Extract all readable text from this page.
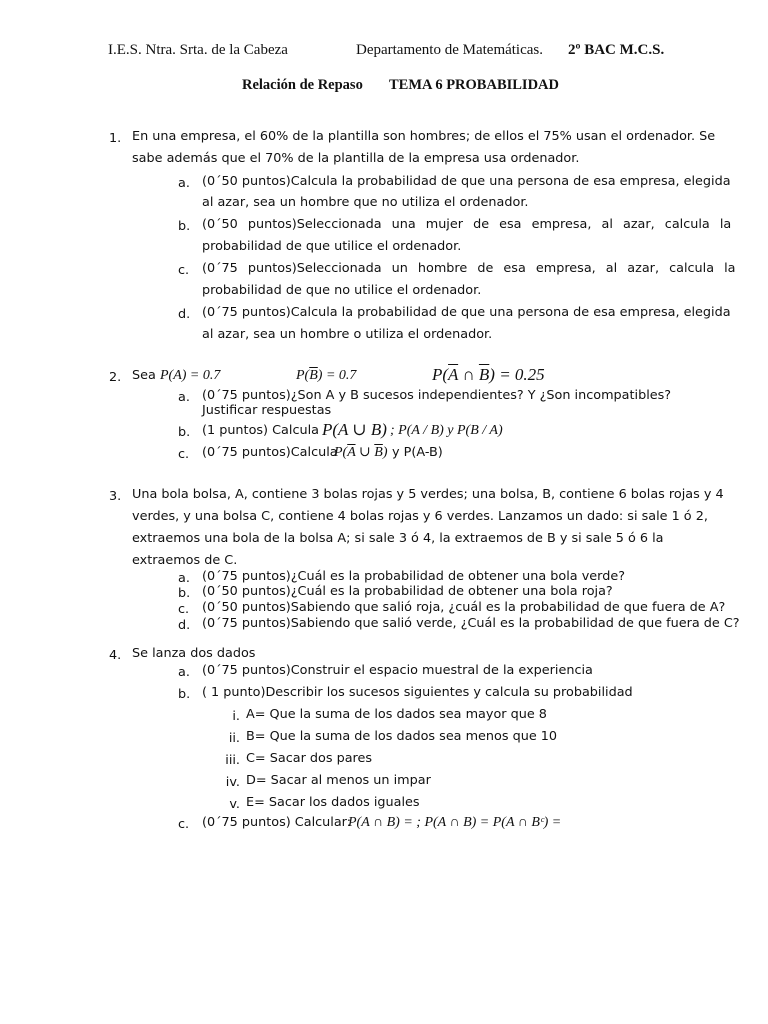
I.E.S. Ntra. Srta. de la Cabeza	Departamento de Matemáticas. 2º BAC M.C.S.
Relación de Repaso TEMA 6 PROBABILIDAD
1. En una empresa, el 60% de la plantilla son hombres; de ellos el 75% usan el ordenador. Se
sabe además que el 70% de la plantilla de la empresa usa ordenador.
a. (0´50 puntos)Calcula la probabilidad de que una persona de esa empresa, elegida
al azar, sea un hombre que no utiliza el ordenador.
b. (0´50 puntos)Seleccionada una mujer de esa empresa, al azar, calcula la
probabilidad de que utilice el ordenador.
c. (0´75 puntos)Seleccionada un hombre de esa empresa, al azar, calcula la
probabilidad de que no utilice el ordenador.
d. (0´75 puntos)Calcula la probabilidad de que una persona de esa empresa, elegida
al azar, sea un hombre o utiliza el ordenador.
2. Sea P(A) = 0.7	$P(\overline{B}) = 0.7$	$P(\overline{A}$ ∩ $\overline{B}) = 0.25$
a. (0´75 puntos)¿Son A y B sucesos independientes? Y ¿Son incompatibles?
Justificar respuestas
b. (1 puntos) Calcula P(A ∪ B) ; P(A / B) y P(B / A)
c. (0´75 puntos)Calcula
$P(\overline{A}$ ∪ $\overline{B}$) y P(A-B)
3. Una bola bolsa, A, contiene 3 bolas rojas y 5 verdes; una bolsa, B, contiene 6 bolas rojas y 4
verdes, y una bolsa C, contiene 4 bolas rojas y 6 verdes. Lanzamos un dado: si sale 1 ó 2,
extraemos una bola de la bolsa A; si sale 3 ó 4, la extraemos de B y si sale 5 ó 6 la
extraemos de C.
a. (0´75 puntos)¿Cuál es la probabilidad de obtener una bola verde?
b. (0´50 puntos)¿Cuál es la probabilidad de obtener una bola roja?
c. (0´50 puntos)Sabiendo que salió roja, ¿cuál es la probabilidad de que fuera de A?
d. (0´75 puntos)Sabiendo que salió verde, ¿Cuál es la probabilidad de que fuera de C?
4. Se lanza dos dados
a. (0´75 puntos)Construir el espacio muestral de la experiencia
b. ( 1 punto)Describir los sucesos siguientes y calcula su probabilidad
i. A= Que la suma de los dados sea mayor que 8
ii. B= Que la suma de los dados sea menos que 10
iii. C= Sacar dos pares
iv. D= Sacar al menos un impar
v. E= Sacar los dados iguales
c. (0´75 puntos) Calcular:
P(A ∩ B) = ; P(A ∩ B) = P(A ∩ Bᶜ) =
